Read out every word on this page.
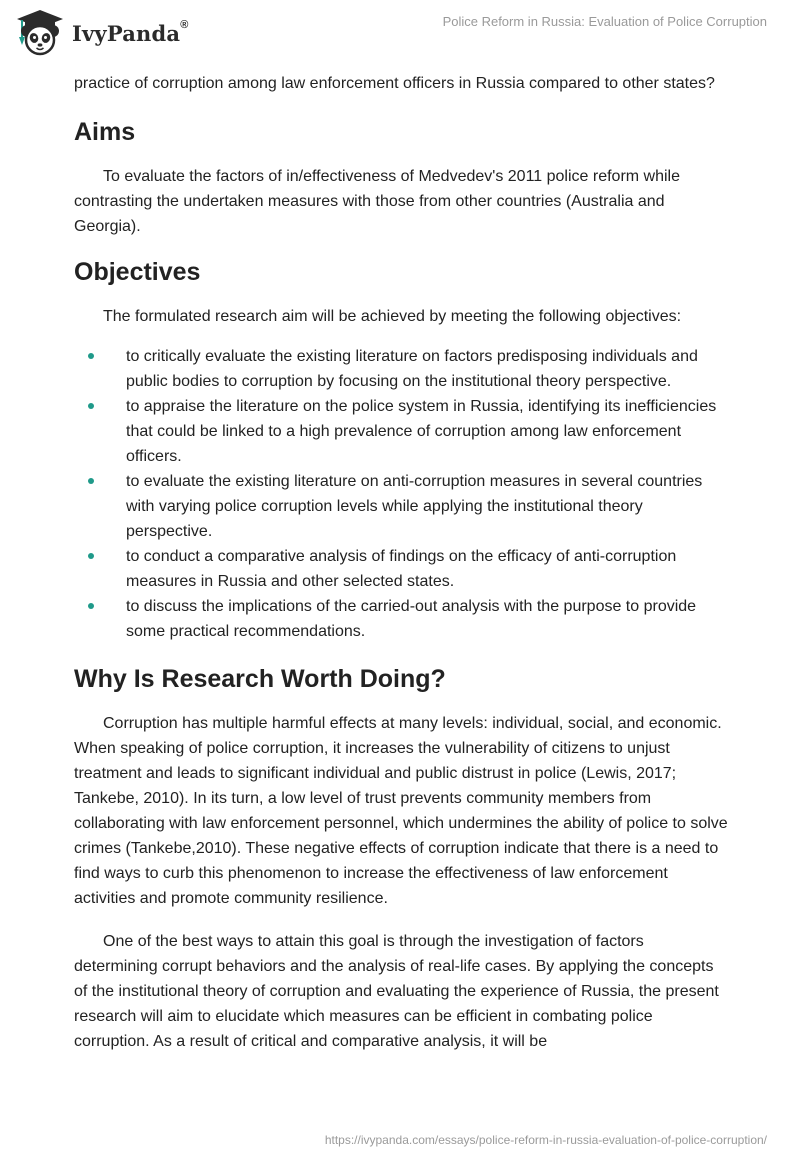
IvyPanda®	Police Reform in Russia: Evaluation of Police Corruption

practice of corruption among law enforcement officers in Russia compared to other states?

Aims

To evaluate the factors of in/effectiveness of Medvedev's 2011 police reform while contrasting the undertaken measures with those from other countries (Australia and Georgia).

Objectives

The formulated research aim will be achieved by meeting the following objectives:

to critically evaluate the existing literature on factors predisposing individuals and public bodies to corruption by focusing on the institutional theory perspective.
to appraise the literature on the police system in Russia, identifying its inefficiencies that could be linked to a high prevalence of corruption among law enforcement officers.
to evaluate the existing literature on anti-corruption measures in several countries with varying police corruption levels while applying the institutional theory perspective.
to conduct a comparative analysis of findings on the efficacy of anti-corruption measures in Russia and other selected states.
to discuss the implications of the carried-out analysis with the purpose to provide some practical recommendations.
Why Is Research Worth Doing?

Corruption has multiple harmful effects at many levels: individual, social, and economic. When speaking of police corruption, it increases the vulnerability of citizens to unjust treatment and leads to significant individual and public distrust in police (Lewis, 2017; Tankebe, 2010). In its turn, a low level of trust prevents community members from collaborating with law enforcement personnel, which undermines the ability of police to solve crimes (Tankebe,2010). These negative effects of corruption indicate that there is a need to find ways to curb this phenomenon to increase the effectiveness of law enforcement activities and promote community resilience.

One of the best ways to attain this goal is through the investigation of factors determining corrupt behaviors and the analysis of real-life cases. By applying the concepts of the institutional theory of corruption and evaluating the experience of Russia, the present research will aim to elucidate which measures can be efficient in combating police corruption. As a result of critical and comparative analysis, it will be

https://ivypanda.com/essays/police-reform-in-russia-evaluation-of-police-corruption/
